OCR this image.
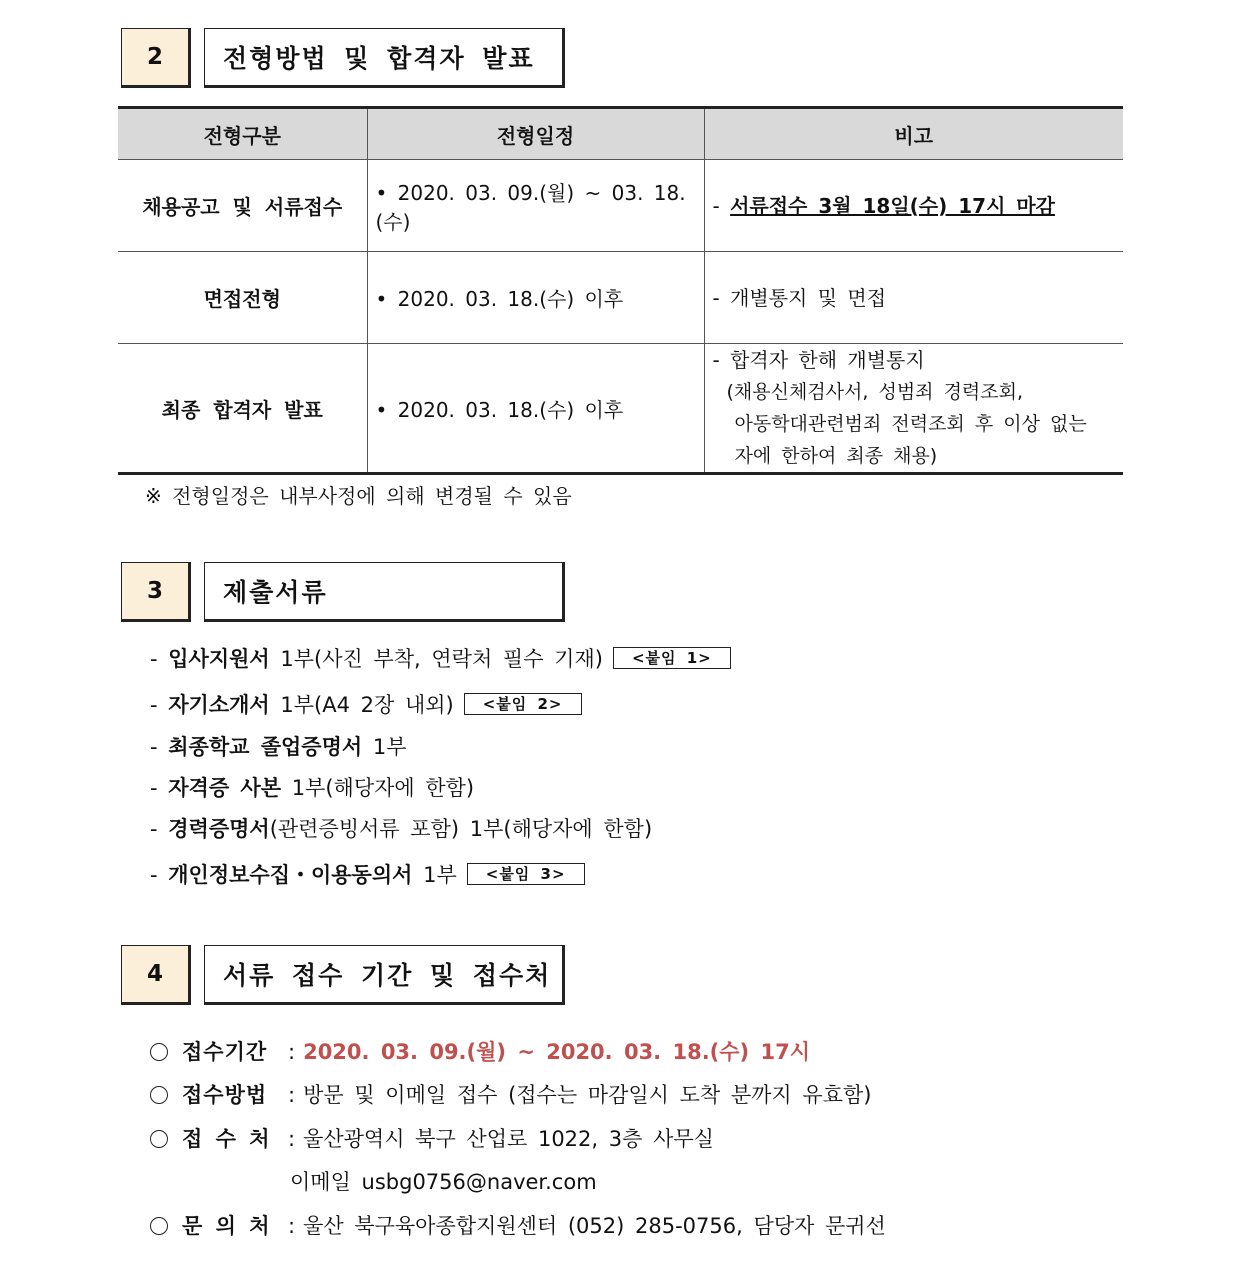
2	전형방법 및 합격자 발표
전형구분	전형일정	비고
채용공고 및 서류접수	• 2020. 03. 09.(월) ~ 03. 18.(수)	- 서류접수 3월 18일(수) 17시 마감
면접전형	• 2020. 03. 18.(수) 이후	- 개별통지 및 면접
최종 합격자 발표	• 2020. 03. 18.(수) 이후	- 합격자 한해 개별통지
(채용신체검사서, 성범죄 경력조회,
아동학대관련범죄 전력조회 후 이상 없는
자에 한하여 최종 채용)
※ 전형일정은 내부사정에 의해 변경될 수 있음
3	제출서류
- 입사지원서 1부(사진 부착, 연락처 필수 기재) <붙임 1>
- 자기소개서 1부(A4 2장 내외) <붙임 2>
- 최종학교 졸업증명서 1부
- 자격증 사본 1부(해당자에 한함)
- 경력증명서(관련증빙서류 포함) 1부(해당자에 한함)
- 개인정보수집・이용동의서 1부 <붙임 3>
4	서류 접수 기간 및 접수처
접수기간 : 2020. 03. 09.(월) ~ 2020. 03. 18.(수) 17시
접수방법 : 방문 및 이메일 접수 (접수는 마감일시 도착 분까지 유효함)
접 수 처 : 울산광역시 북구 산업로 1022, 3층 사무실
이메일 usbg0756@naver.com
문 의 처 : 울산 북구육아종합지원센터 (052) 285-0756, 담당자 문귀선
